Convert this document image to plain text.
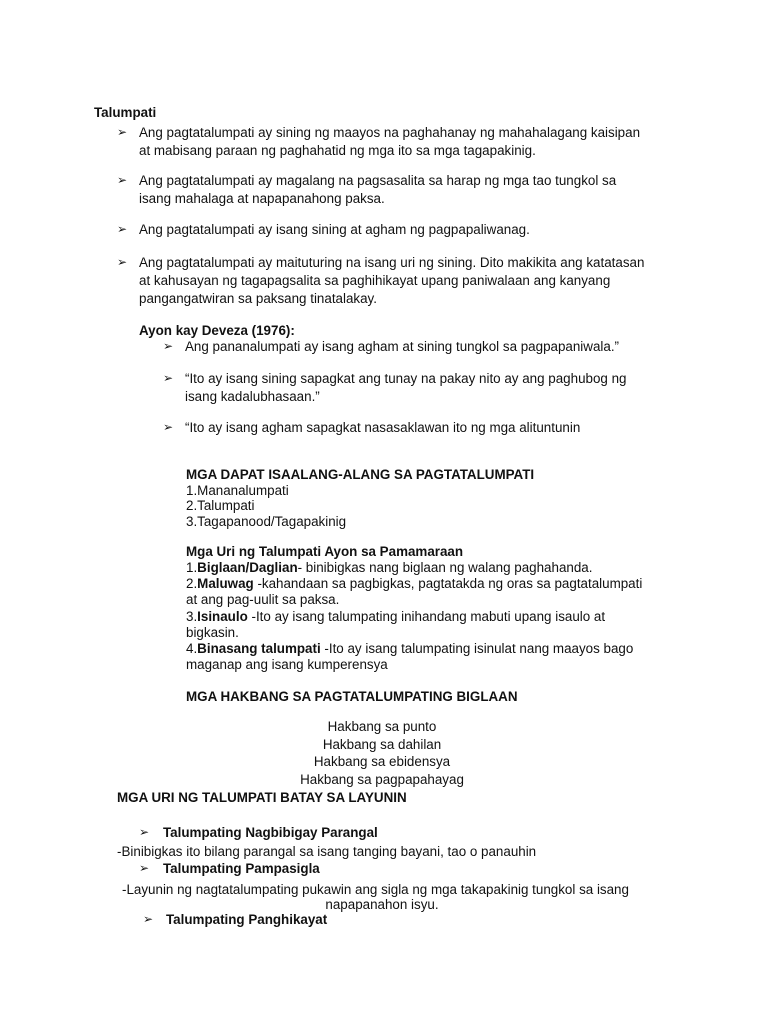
Talumpati
➢ Ang pagtatalumpati ay sining ng maayos na paghahanay ng mahahalagang kaisipan
at mabisang paraan ng paghahatid ng mga ito sa mga tagapakinig.
➢ Ang pagtatalumpati ay magalang na pagsasalita sa harap ng mga tao tungkol sa
isang mahalaga at napapanahong paksa.
➢ Ang pagtatalumpati ay isang sining at agham ng pagpapaliwanag.
➢ Ang pagtatalumpati ay maituturing na isang uri ng sining. Dito makikita ang katatasan
at kahusayan ng tagapagsalita sa paghihikayat upang paniwalaan ang kanyang
pangangatwiran sa paksang tinatalakay.
Ayon kay Deveza (1976):
➢ Ang pananalumpati ay isang agham at sining tungkol sa pagpapaniwala.”
➢ “Ito ay isang sining sapagkat ang tunay na pakay nito ay ang paghubog ng
isang kadalubhasaan.”
➢ “Ito ay isang agham sapagkat nasasaklawan ito ng mga alituntunin
MGA DAPAT ISAALANG-ALANG SA PAGTATALUMPATI
1.Mananalumpati
2.Talumpati
3.Tagapanood/Tagapakinig
Mga Uri ng Talumpati Ayon sa Pamamaraan
1.Biglaan/Daglian- binibigkas nang biglaan ng walang paghahanda.
2.Maluwag -kahandaan sa pagbigkas, pagtatakda ng oras sa pagtatalumpati
at ang pag-uulit sa paksa.
3.Isinaulo -Ito ay isang talumpating inihandang mabuti upang isaulo at
bigkasin.
4.Binasang talumpati -Ito ay isang talumpating isinulat nang maayos bago
maganap ang isang kumperensya
MGA HAKBANG SA PAGTATALUMPATING BIGLAAN
Hakbang sa punto
Hakbang sa dahilan
Hakbang sa ebidensya
Hakbang sa pagpapahayag
MGA URI NG TALUMPATI BATAY SA LAYUNIN
➢ Talumpating Nagbibigay Parangal
-Binibigkas ito bilang parangal sa isang tanging bayani, tao o panauhin
➢ Talumpating Pampasigla
-Layunin ng nagtatalumpating pukawin ang sigla ng mga takapakinig tungkol sa isang
napapanahon isyu.
➢ Talumpating Panghikayat
